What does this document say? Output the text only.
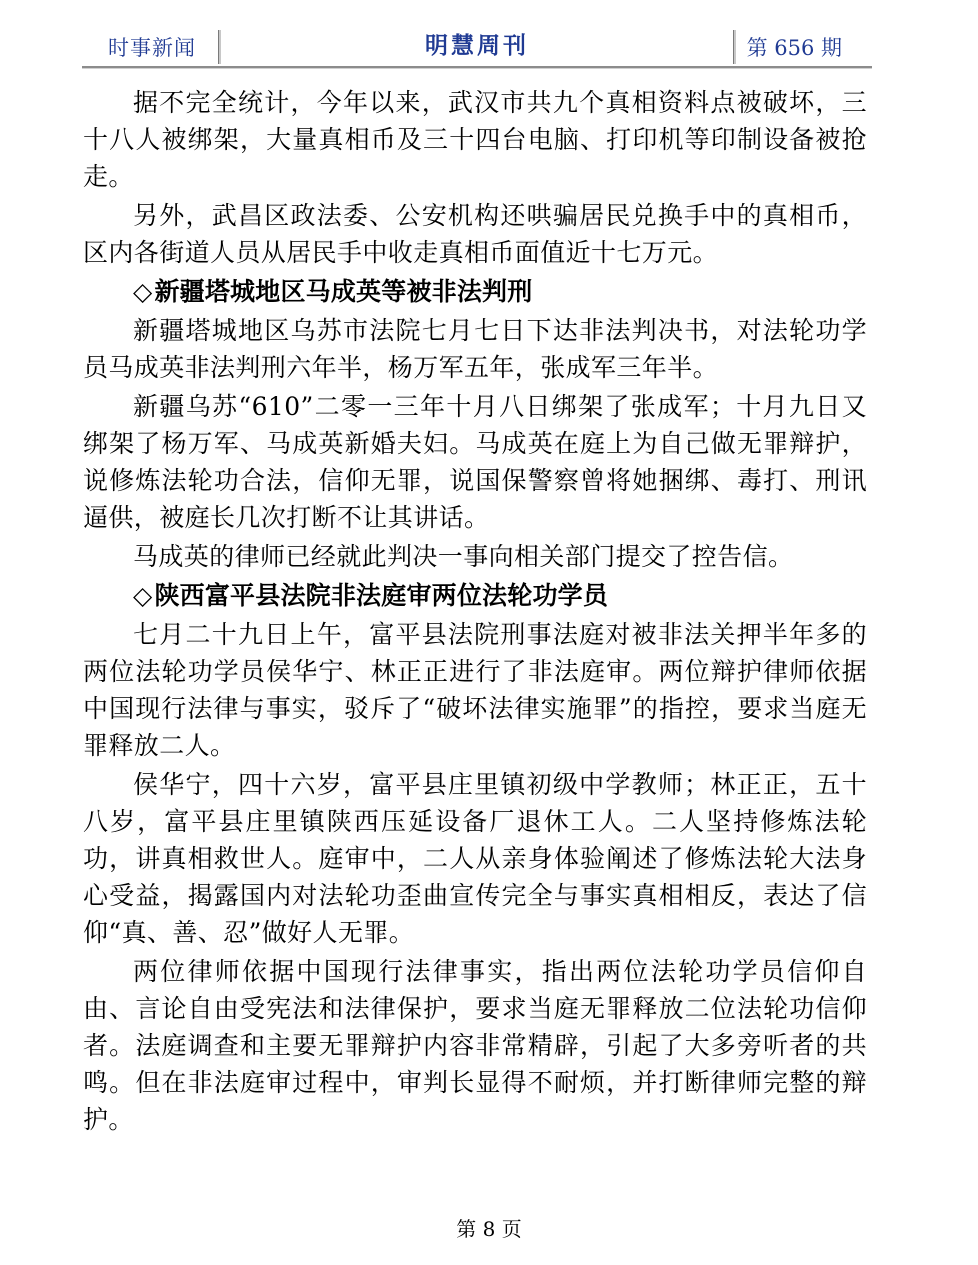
时事新闻	明慧周刊	第 656 期

据不完全统计，今年以来，武汉市共九个真相资料点被破坏，三十八人被绑架，大量真相币及三十四台电脑、打印机等印制设备被抢走。

另外，武昌区政法委、公安机构还哄骗居民兑换手中的真相币，区内各街道人员从居民手中收走真相币面值近十七万元。

◇新疆塔城地区马成英等被非法判刑

新疆塔城地区乌苏市法院七月七日下达非法判决书，对法轮功学员马成英非法判刑六年半，杨万军五年，张成军三年半。

新疆乌苏“610”二零一三年十月八日绑架了张成军；十月九日又绑架了杨万军、马成英新婚夫妇。马成英在庭上为自己做无罪辩护，说修炼法轮功合法，信仰无罪，说国保警察曾将她捆绑、毒打、刑讯逼供，被庭长几次打断不让其讲话。

马成英的律师已经就此判决一事向相关部门提交了控告信。

◇陕西富平县法院非法庭审两位法轮功学员

七月二十九日上午，富平县法院刑事法庭对被非法关押半年多的两位法轮功学员侯华宁、林正正进行了非法庭审。两位辩护律师依据中国现行法律与事实，驳斥了“破坏法律实施罪”的指控，要求当庭无罪释放二人。

侯华宁，四十六岁，富平县庄里镇初级中学教师；林正正，五十八岁，富平县庄里镇陕西压延设备厂退休工人。二人坚持修炼法轮功，讲真相救世人。庭审中，二人从亲身体验阐述了修炼法轮大法身心受益，揭露国内对法轮功歪曲宣传完全与事实真相相反，表达了信仰“真、善、忍”做好人无罪。

两位律师依据中国现行法律事实，指出两位法轮功学员信仰自由、言论自由受宪法和法律保护，要求当庭无罪释放二位法轮功信仰者。法庭调查和主要无罪辩护内容非常精辟，引起了大多旁听者的共鸣。但在非法庭审过程中，审判长显得不耐烦，并打断律师完整的辩护。

第 8 页
